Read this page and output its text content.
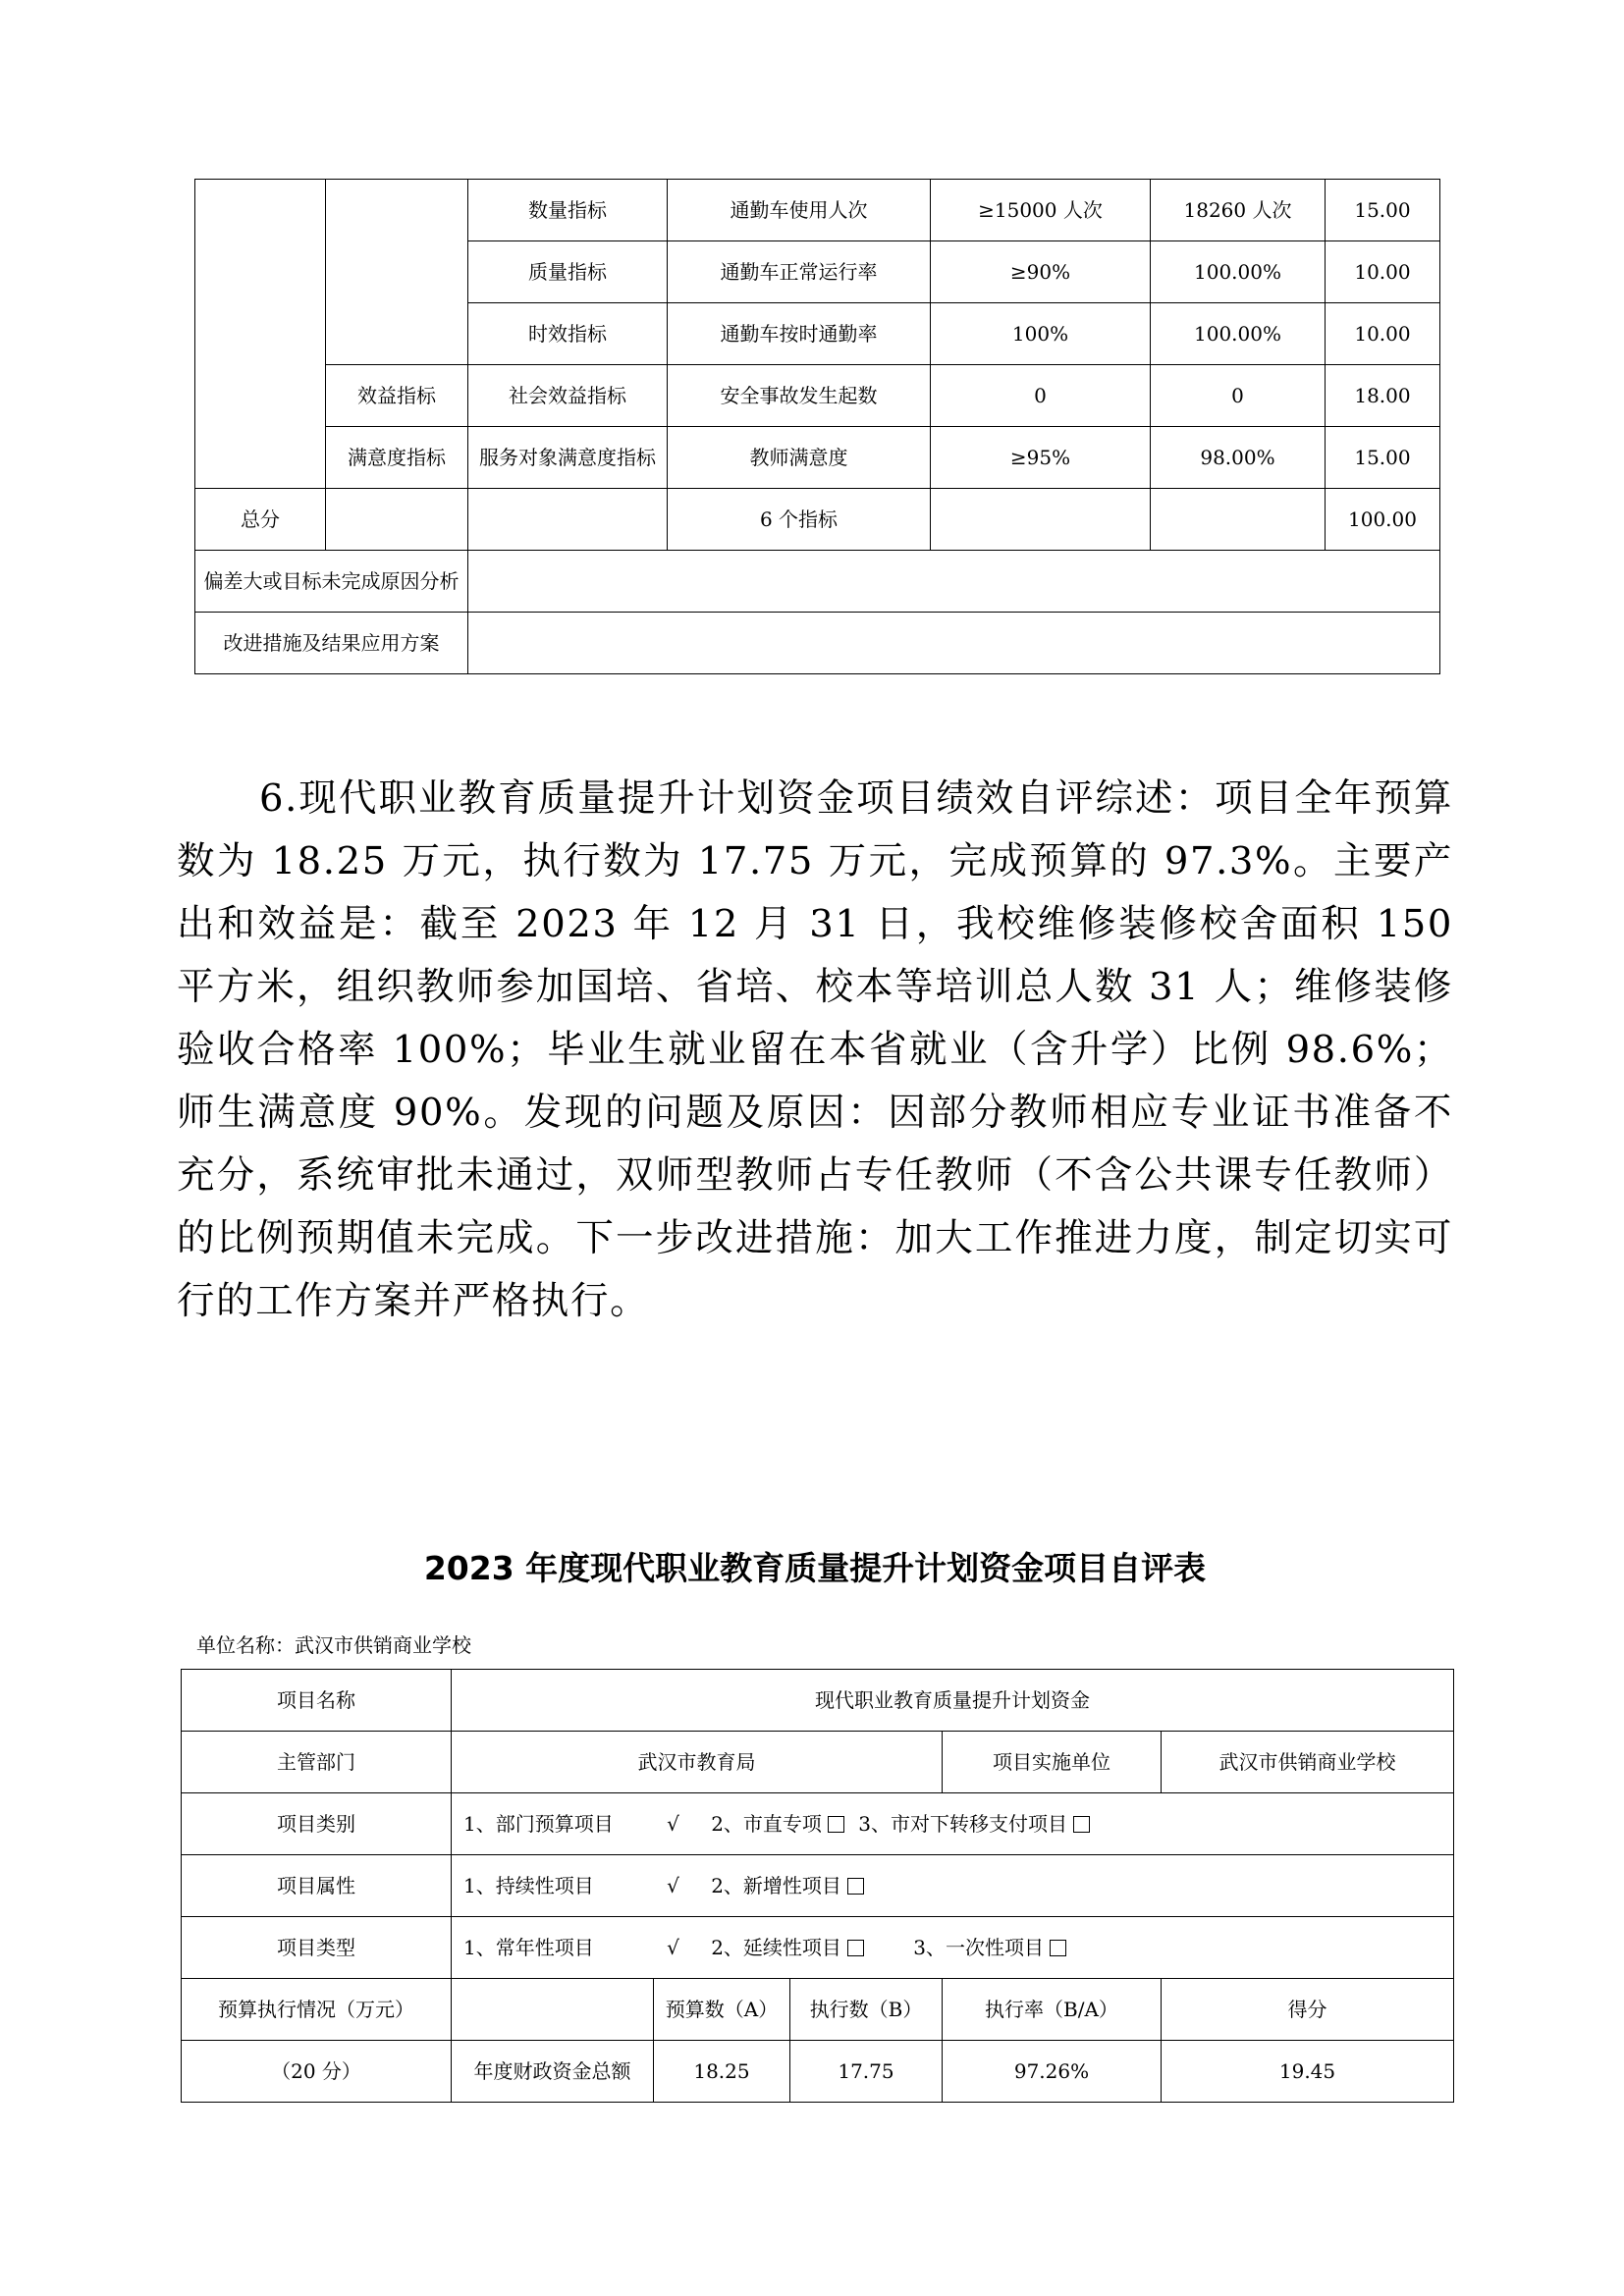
		数量指标	通勤车使用人次	≥15000 人次	18260 人次	15.00
		质量指标	通勤车正常运行率	≥90%	100.00%	10.00
		时效指标	通勤车按时通勤率	100%	100.00%	10.00
	效益指标	社会效益指标	安全事故发生起数	0	0	18.00
	满意度指标	服务对象满意度指标	教师满意度	≥95%	98.00%	15.00
总分			6 个指标			100.00
偏差大或目标未完成原因分析						
改进措施及结果应用方案						

6.现代职业教育质量提升计划资金项目绩效自评综述：项目全年预算数为 18.25 万元，执行数为 17.75 万元，完成预算的 97.3%。主要产出和效益是：截至 2023 年 12 月 31 日，我校维修装修校舍面积 150 平方米，组织教师参加国培、省培、校本等培训总人数 31 人；维修装修验收合格率 100%；毕业生就业留在本省就业（含升学）比例 98.6%；师生满意度 90%。发现的问题及原因：因部分教师相应专业证书准备不充分，系统审批未通过，双师型教师占专任教师（不含公共课专任教师）的比例预期值未完成。下一步改进措施：加大工作推进力度，制定切实可行的工作方案并严格执行。

2023 年度现代职业教育质量提升计划资金项目自评表

单位名称：武汉市供销商业学校

项目名称	现代职业教育质量提升计划资金				
主管部门	武汉市教育局			项目实施单位	武汉市供销商业学校
项目类别	1、部门预算项目 √ 2、市直专项 3、市对下转移支付项目				
项目属性	1、持续性项目 √ 2、新增性项目				
项目类型	1、常年性项目 √ 2、延续性项目 3、一次性项目				
预算执行情况（万元）		预算数（A）	执行数（B）	执行率（B/A）	得分
（20 分）	年度财政资金总额	18.25	17.75	97.26%	19.45
